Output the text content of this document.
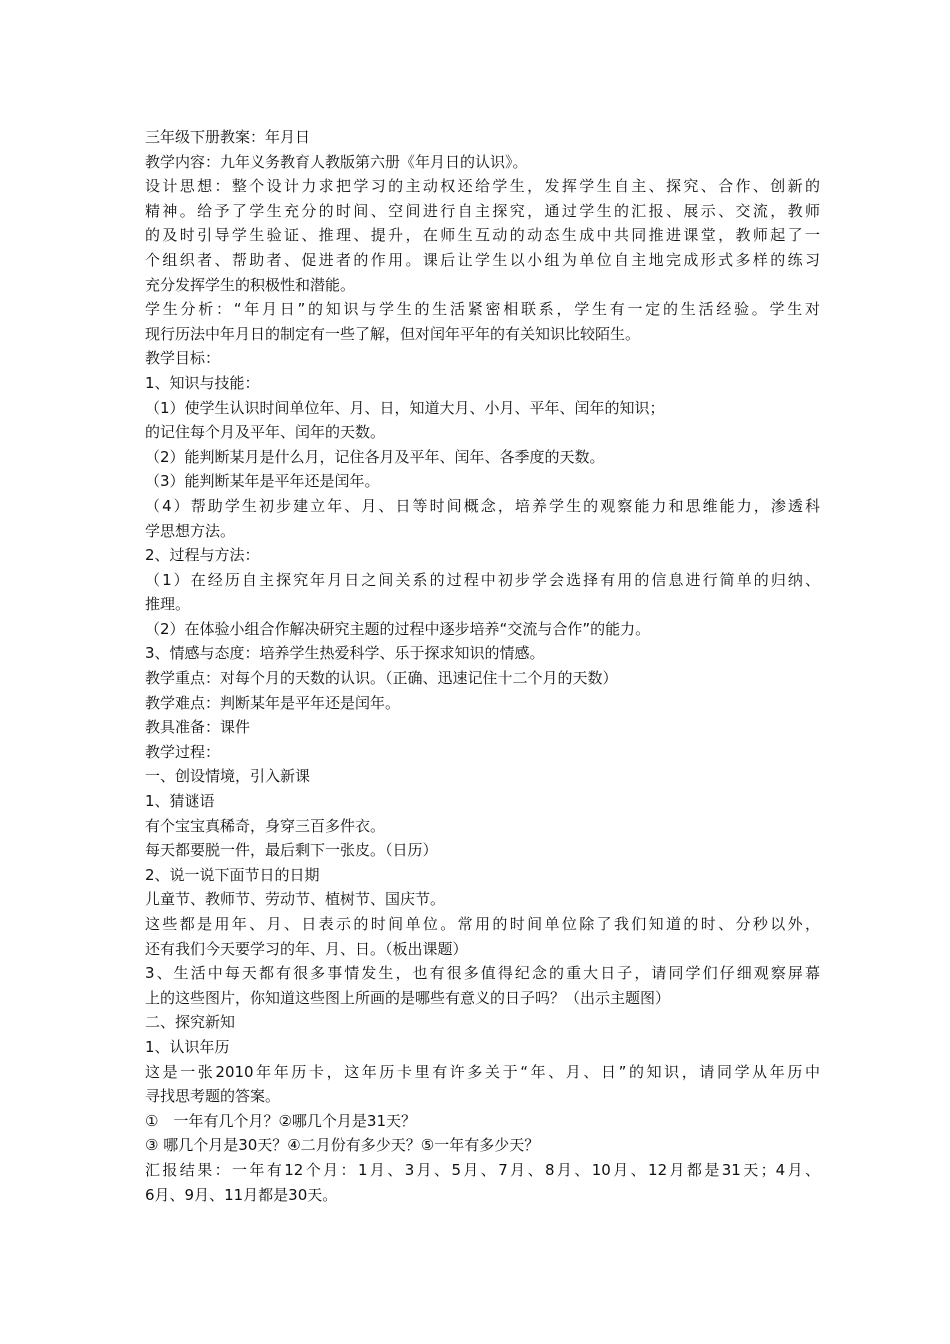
三年级下册教案：年月日
教学内容：九年义务教育人教版第六册《年月日的认识》。
设计思想：整个设计力求把学习的主动权还给学生，发挥学生自主、探究、合作、创新的
精神。给予了学生充分的时间、空间进行自主探究，通过学生的汇报、展示、交流，教师
的及时引导学生验证、推理、提升，在师生互动的动态生成中共同推进课堂，教师起了一
个组织者、帮助者、促进者的作用。课后让学生以小组为单位自主地完成形式多样的练习
充分发挥学生的积极性和潜能。
学生分析：“年月日”的知识与学生的生活紧密相联系，学生有一定的生活经验。学生对
现行历法中年月日的制定有一些了解，但对闰年平年的有关知识比较陌生。
教学目标：
1、知识与技能：
（1）使学生认识时间单位年、月、日，知道大月、小月、平年、闰年的知识；
的记住每个月及平年、闰年的天数。
（2）能判断某月是什么月，记住各月及平年、闰年、各季度的天数。
（3）能判断某年是平年还是闰年。
（4）帮助学生初步建立年、月、日等时间概念，培养学生的观察能力和思维能力，渗透科
学思想方法。
2、过程与方法：
（1）在经历自主探究年月日之间关系的过程中初步学会选择有用的信息进行简单的归纳、
推理。
（2）在体验小组合作解决研究主题的过程中逐步培养“交流与合作”的能力。
3、情感与态度：培养学生热爱科学、乐于探求知识的情感。
教学重点：对每个月的天数的认识。（正确、迅速记住十二个月的天数）
教学难点：判断某年是平年还是闰年。
教具准备：课件
教学过程：
一、创设情境，引入新课
1、猜谜语
有个宝宝真稀奇，身穿三百多件衣。
每天都要脱一件，最后剩下一张皮。（日历）
2、说一说下面节日的日期
儿童节、教师节、劳动节、植树节、国庆节。
这些都是用年、月、日表示的时间单位。常用的时间单位除了我们知道的时、分秒以外，
还有我们今天要学习的年、月、日。（板出课题）
3、生活中每天都有很多事情发生，也有很多值得纪念的重大日子，请同学们仔细观察屏幕
上的这些图片，你知道这些图上所画的是哪些有意义的日子吗？（出示主题图）
二、探究新知
1、认识年历
这是一张2010年年历卡，这年历卡里有许多关于“年、月、日”的知识，请同学从年历中
寻找思考题的答案。
①　一年有几个月？②哪几个月是31天？
③ 哪几个月是30天？④二月份有多少天？⑤一年有多少天？
汇报结果：一年有12个月：1月、3月、5月、7月、8月、10月、12月都是31天；4月、
6月、9月、11月都是30天。
